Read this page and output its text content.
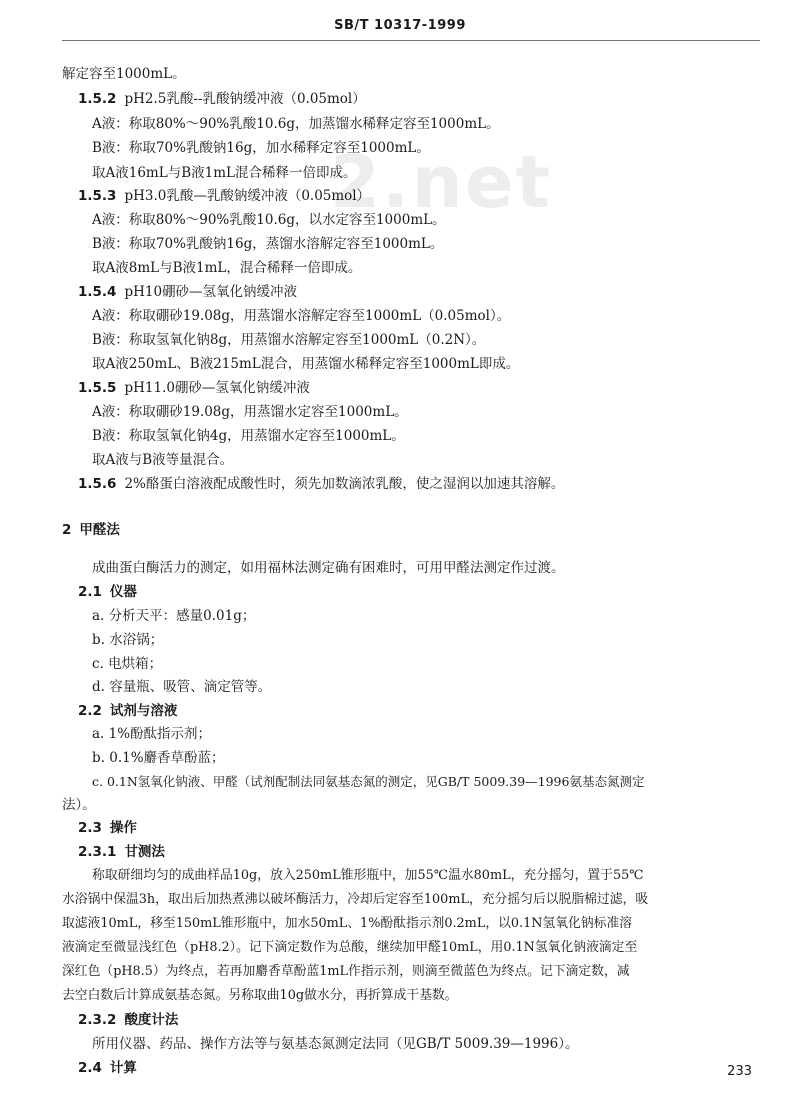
SB/T 10317-1999
2.net
解定容至1000mL。
1.5.2 pH2.5乳酸--乳酸钠缓冲液（0.05mol）
A液：称取80%～90%乳酸10.6g，加蒸馏水稀释定容至1000mL。
B液：称取70%乳酸钠16g，加水稀释定容至1000mL。
取A液16mL与B液1mL混合稀释一倍即成。
1.5.3 pH3.0乳酸—乳酸钠缓冲液（0.05mol）
A液：称取80%～90%乳酸10.6g，以水定容至1000mL。
B液：称取70%乳酸钠16g，蒸馏水溶解定容至1000mL。
取A液8mL与B液1mL，混合稀释一倍即成。
1.5.4 pH10硼砂—氢氧化钠缓冲液
A液：称取硼砂19.08g，用蒸馏水溶解定容至1000mL（0.05mol）。
B液：称取氢氧化钠8g，用蒸馏水溶解定容至1000mL（0.2N）。
取A液250mL、B液215mL混合，用蒸馏水稀释定容至1000mL即成。
1.5.5 pH11.0硼砂—氢氧化钠缓冲液
A液：称取硼砂19.08g，用蒸馏水定容至1000mL。
B液：称取氢氧化钠4g，用蒸馏水定容至1000mL。
取A液与B液等量混合。
1.5.6 2%酪蛋白溶液配成酸性时，须先加数滴浓乳酸，使之湿润以加速其溶解。
2 甲醛法
成曲蛋白酶活力的测定，如用福林法测定确有困难时，可用甲醛法测定作过渡。
2.1 仪器
a. 分析天平：感量0.01g；
b. 水浴锅；
c. 电烘箱；
d. 容量瓶、吸管、滴定管等。
2.2 试剂与溶液
a. 1%酚酞指示剂；
b. 0.1%麝香草酚蓝；
c. 0.1N氢氧化钠液、甲醛（试剂配制法同氨基态氮的测定，见GB/T 5009.39—1996氨基态氮测定
法）。
2.3 操作
2.3.1 甘测法
称取研细均匀的成曲样品10g，放入250mL锥形瓶中，加55℃温水80mL，充分摇匀，置于55℃
水浴锅中保温3h，取出后加热煮沸以破坏酶活力，冷却后定容至100mL，充分摇匀后以脱脂棉过滤，吸
取滤液10mL，移至150mL锥形瓶中，加水50mL、1%酚酞指示剂0.2mL，以0.1N氢氧化钠标准溶
液滴定至微显浅红色（pH8.2）。记下滴定数作为总酸，继续加甲醛10mL，用0.1N氢氧化钠液滴定至
深红色（pH8.5）为终点，若再加麝香草酚蓝1mL作指示剂，则滴至微蓝色为终点。记下滴定数，减
去空白数后计算成氨基态氮。另称取曲10g做水分，再折算成干基数。
2.3.2 酸度计法
所用仪器、药品、操作方法等与氨基态氮测定法同（见GB/T 5009.39—1996）。
2.4 计算	233
